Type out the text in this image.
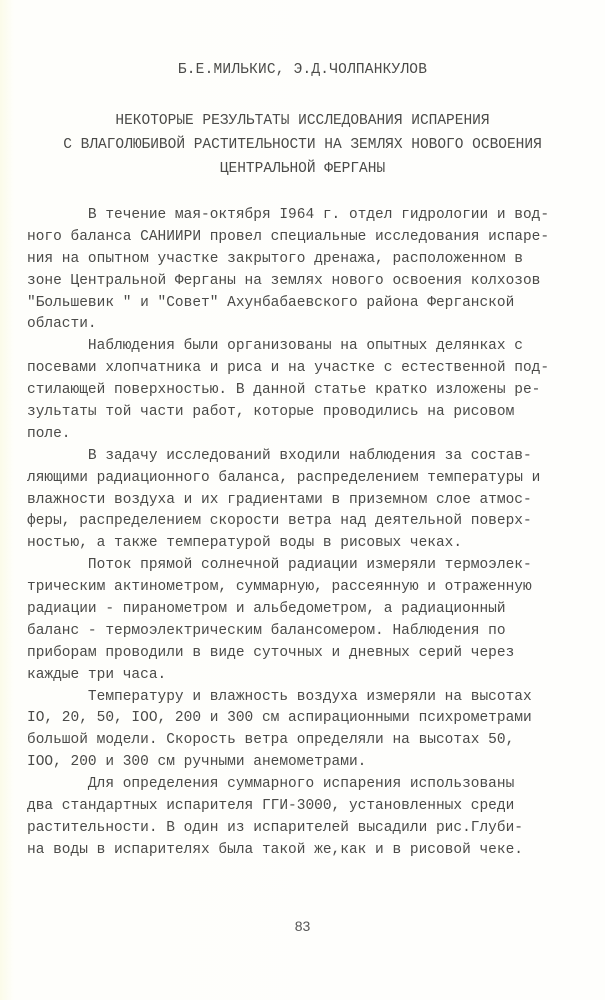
Б.Е.МИЛЬКИС, Э.Д.ЧОЛПАНКУЛОВ
НЕКОТОРЫЕ РЕЗУЛЬТАТЫ ИССЛЕДОВАНИЯ ИСПАРЕНИЯ
С ВЛАГОЛЮБИВОЙ РАСТИТЕЛЬНОСТИ НА ЗЕМЛЯХ НОВОГО ОСВОЕНИЯ
ЦЕНТРАЛЬНОЙ ФЕРГАНЫ
В течение мая-октября I964 г. отдел гидрологии и вод-
ного баланса САНИИРИ провел специальные исследования испаре-
ния на опытном участке закрытого дренажа, расположенном в
зоне Центральной Ферганы на землях нового освоения колхозов
"Большевик " и "Совет" Ахунбабаевского района Ферганской
области.
Наблюдения были организованы на опытных делянках с
посевами хлопчатника и риса и на участке с естественной под-
стилающей поверхностью. В данной статье кратко изложены ре-
зультаты той части работ, которые проводились на рисовом
поле.
В задачу исследований входили наблюдения за состав-
ляющими радиационного баланса, распределением температуры и
влажности воздуха и их градиентами в приземном слое атмос-
феры, распределением скорости ветра над деятельной поверх-
ностью, а также температурой воды в рисовых чеках.
Поток прямой солнечной радиации измеряли термоэлек-
трическим актинометром, суммарную, рассеянную и отраженную
радиации - пиранометром и альбедометром, а радиационный
баланс - термоэлектрическим балансомером. Наблюдения по
приборам проводили в виде суточных и дневных серий через
каждые три часа.
Температуру и влажность воздуха измеряли на высотах
IO, 20, 50, IOO, 200 и 300 см аспирационными психрометрами
большой модели. Скорость ветра определяли на высотах 50,
IOO, 200 и 300 см ручными анемометрами.
Для определения суммарного испарения использованы
два стандартных испарителя ГГИ-3000, установленных среди
растительности. В один из испарителей высадили рис.Глуби-
на воды в испарителях была такой же,как и в рисовой чеке.
83
